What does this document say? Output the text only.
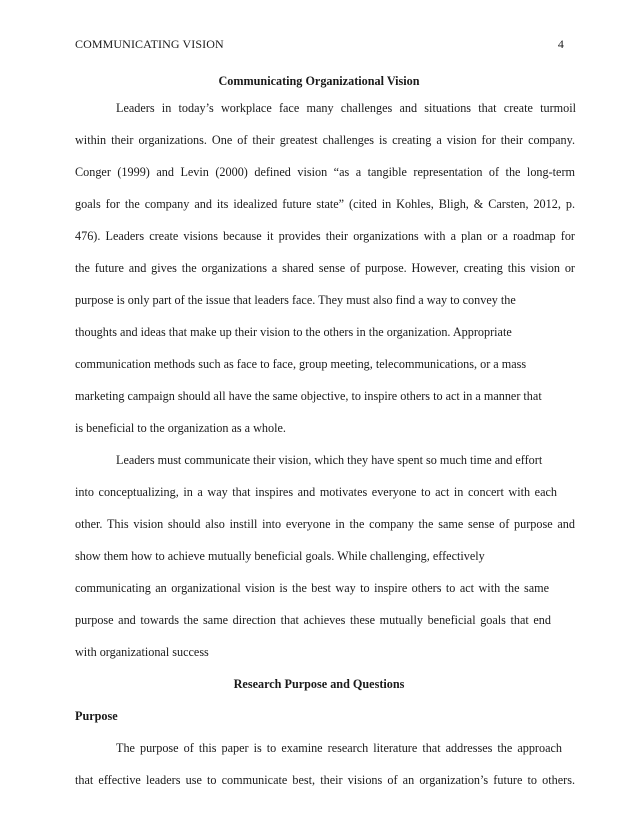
COMMUNICATING VISION	4
Communicating Organizational Vision
Leaders in today’s workplace face many challenges and situations that create turmoil
within their organizations. One of their greatest challenges is creating a vision for their company.
Conger (1999) and Levin (2000) defined vision “as a tangible representation of the long-term
goals for the company and its idealized future state” (cited in Kohles, Bligh, & Carsten, 2012, p.
476). Leaders create visions because it provides their organizations with a plan or a roadmap for
the future and gives the organizations a shared sense of purpose. However, creating this vision or
purpose is only part of the issue that leaders face. They must also find a way to convey the
thoughts and ideas that make up their vision to the others in the organization. Appropriate
communication methods such as face to face, group meeting, telecommunications, or a mass
marketing campaign should all have the same objective, to inspire others to act in a manner that
is beneficial to the organization as a whole.
Leaders must communicate their vision, which they have spent so much time and effort
into conceptualizing, in a way that inspires and motivates everyone to act in concert with each
other. This vision should also instill into everyone in the company the same sense of purpose and
show them how to achieve mutually beneficial goals. While challenging, effectively
communicating an organizational vision is the best way to inspire others to act with the same
purpose and towards the same direction that achieves these mutually beneficial goals that end
with organizational success
Research Purpose and Questions
Purpose
The purpose of this paper is to examine research literature that addresses the approach
that effective leaders use to communicate best, their visions of an organization’s future to others.
